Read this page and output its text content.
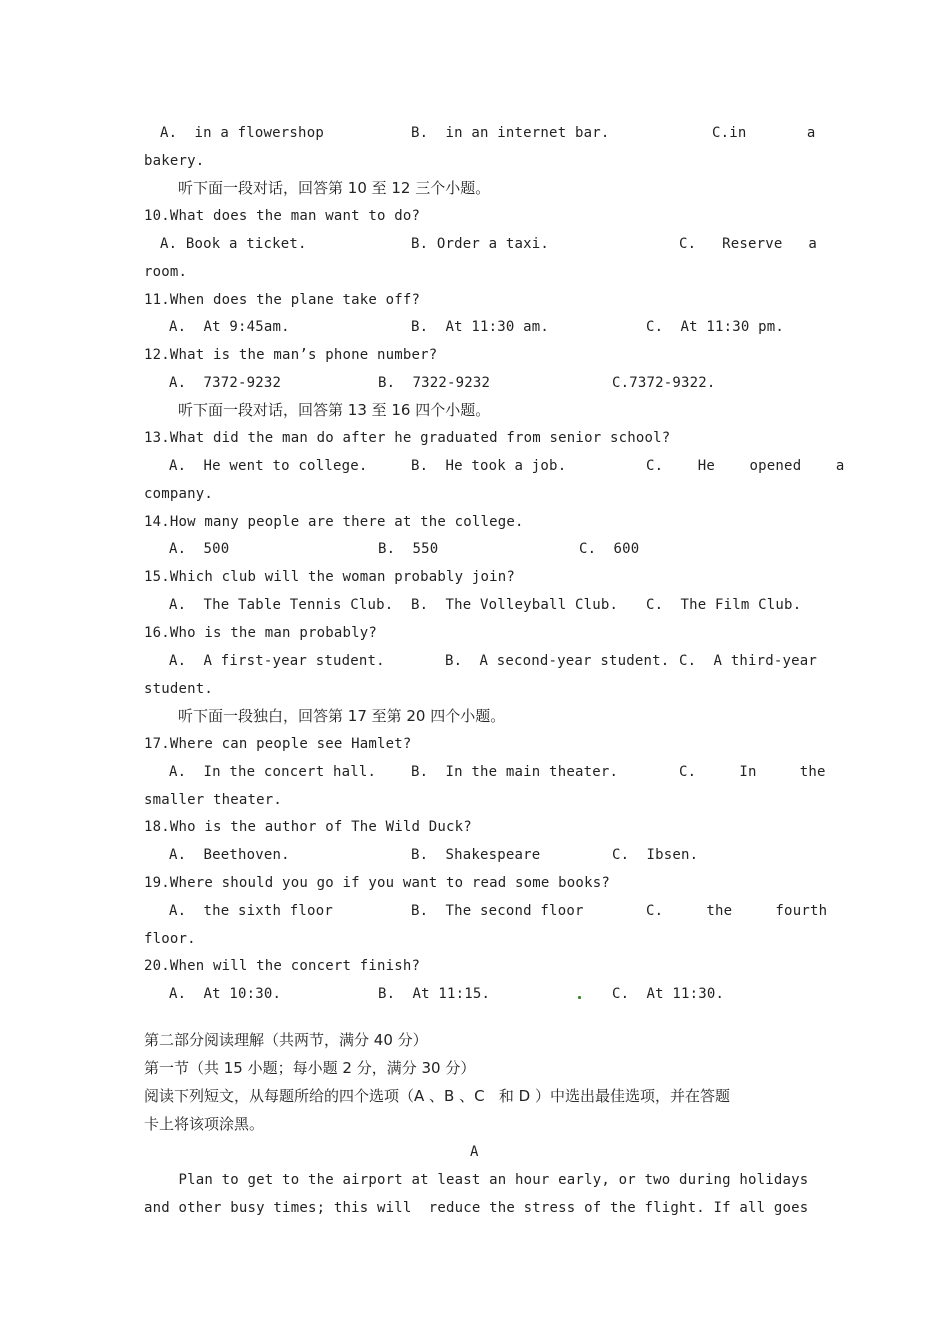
A.  in a flowershop	B.  in an internet bar.	C.in       a
bakery.
听下面一段对话，回答第 10 至 12 三个小题。
10.What does the man want to do?
A. Book a ticket.	B. Order a taxi.	C.   Reserve   a
room.
11.When does the plane take off?
A.  At 9:45am.	B.  At 11:30 am.	C.  At 11:30 pm.
12.What is the man’s phone number?
A.  7372-9232	B.  7322-9232	C.7372-9322.
听下面一段对话，回答第 13 至 16 四个小题。
13.What did the man do after he graduated from senior school?
A.  He went to college.	B.  He took a job.	C.    He    opened    a
company.
14.How many people are there at the college.
A.  500	B.  550	C.  600
15.Which club will the woman probably join?
A.  The Table Tennis Club. B.  The Volleyball Club. C.  The Film Club.
16.Who is the man probably?
A.  A first-year student.	B.  A second-year student. C.  A third-year
student.
听下面一段独白，回答第 17 至第 20 四个小题。
17.Where can people see Hamlet?
A.  In the concert hall. B.  In the main theater.	C.     In     the
smaller theater.
18.Who is the author of The Wild Duck?
A.  Beethoven.	B.  Shakespeare	C.  Ibsen.
19.Where should you go if you want to read some books?
A.  the sixth floor	B.  The second floor	C.     the     fourth
floor.
20.When will the concert finish?
A.  At 10:30.	B.  At 11:15.	C.  At 11:30.
第二部分阅读理解（共两节，满分 40 分）
第一节（共 15 小题；每小题 2 分，满分 30 分）
阅读下列短文，从每题所给的四个选项（A 、B 、C   和 D ）中选出最佳选项，并在答题
卡上将该项涂黑。
A
Plan to get to the airport at least an hour early, or two during holidays
and other busy times; this will  reduce the stress of the flight. If all goes
